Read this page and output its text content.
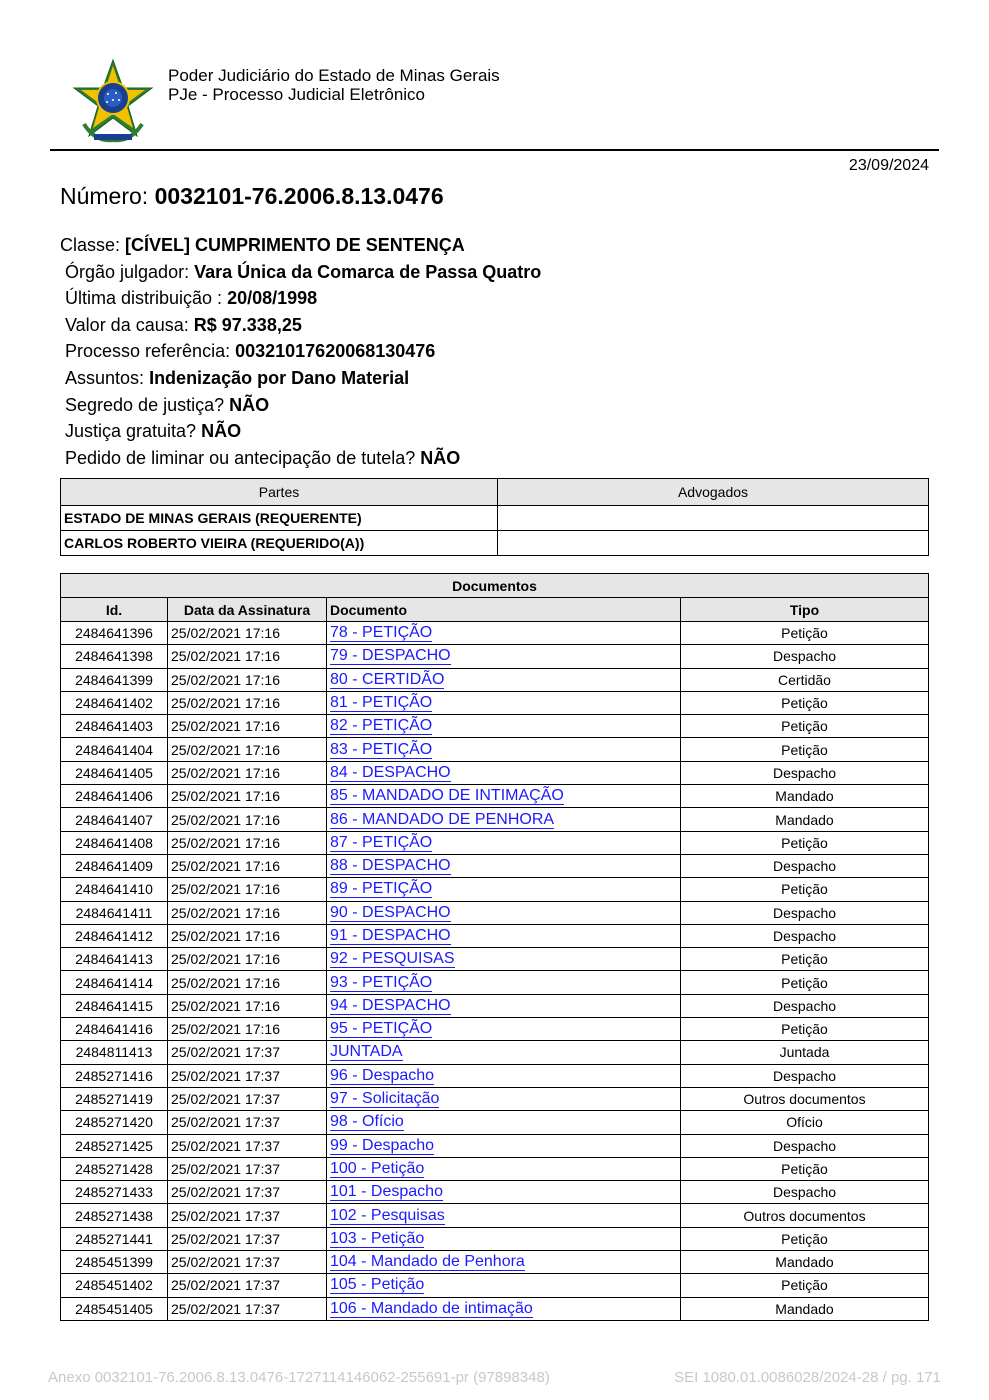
Poder Judiciário do Estado de Minas Gerais
PJe - Processo Judicial Eletrônico
23/09/2024
Número: 0032101-76.2006.8.13.0476
Classe: [CÍVEL] CUMPRIMENTO DE SENTENÇA
Órgão julgador: Vara Única da Comarca de Passa Quatro
Última distribuição : 20/08/1998
Valor da causa: R$ 97.338,25
Processo referência: 00321017620068130476
Assuntos: Indenização por Dano Material
Segredo de justiça? NÃO
Justiça gratuita? NÃO
Pedido de liminar ou antecipação de tutela? NÃO
Partes	Advogados
ESTADO DE MINAS GERAIS (REQUERENTE)	
CARLOS ROBERTO VIEIRA (REQUERIDO(A))	
Documentos			
Id.	Data da Assinatura	Documento	Tipo
2484641396	25/02/2021 17:16	78 - PETIÇÃO	Petição
2484641398	25/02/2021 17:16	79 - DESPACHO	Despacho
2484641399	25/02/2021 17:16	80 - CERTIDÃO	Certidão
2484641402	25/02/2021 17:16	81 - PETIÇÃO	Petição
2484641403	25/02/2021 17:16	82 - PETIÇÃO	Petição
2484641404	25/02/2021 17:16	83 - PETIÇÃO	Petição
2484641405	25/02/2021 17:16	84 - DESPACHO	Despacho
2484641406	25/02/2021 17:16	85 - MANDADO DE INTIMAÇÃO	Mandado
2484641407	25/02/2021 17:16	86 - MANDADO DE PENHORA	Mandado
2484641408	25/02/2021 17:16	87 - PETIÇÃO	Petição
2484641409	25/02/2021 17:16	88 - DESPACHO	Despacho
2484641410	25/02/2021 17:16	89 - PETIÇÃO	Petição
2484641411	25/02/2021 17:16	90 - DESPACHO	Despacho
2484641412	25/02/2021 17:16	91 - DESPACHO	Despacho
2484641413	25/02/2021 17:16	92 - PESQUISAS	Petição
2484641414	25/02/2021 17:16	93 - PETIÇÃO	Petição
2484641415	25/02/2021 17:16	94 - DESPACHO	Despacho
2484641416	25/02/2021 17:16	95 - PETIÇÃO	Petição
2484811413	25/02/2021 17:37	JUNTADA	Juntada
2485271416	25/02/2021 17:37	96 - Despacho	Despacho
2485271419	25/02/2021 17:37	97 - Solicitação	Outros documentos
2485271420	25/02/2021 17:37	98 - Ofício	Ofício
2485271425	25/02/2021 17:37	99 - Despacho	Despacho
2485271428	25/02/2021 17:37	100 - Petição	Petição
2485271433	25/02/2021 17:37	101 - Despacho	Despacho
2485271438	25/02/2021 17:37	102 - Pesquisas	Outros documentos
2485271441	25/02/2021 17:37	103 - Petição	Petição
2485451399	25/02/2021 17:37	104 - Mandado de Penhora	Mandado
2485451402	25/02/2021 17:37	105 - Petição	Petição
2485451405	25/02/2021 17:37	106 - Mandado de intimação	Mandado
Anexo 0032101-76.2006.8.13.0476-1727114146062-255691-pr (97898348)	SEI 1080.01.0086028/2024-28 / pg. 171
